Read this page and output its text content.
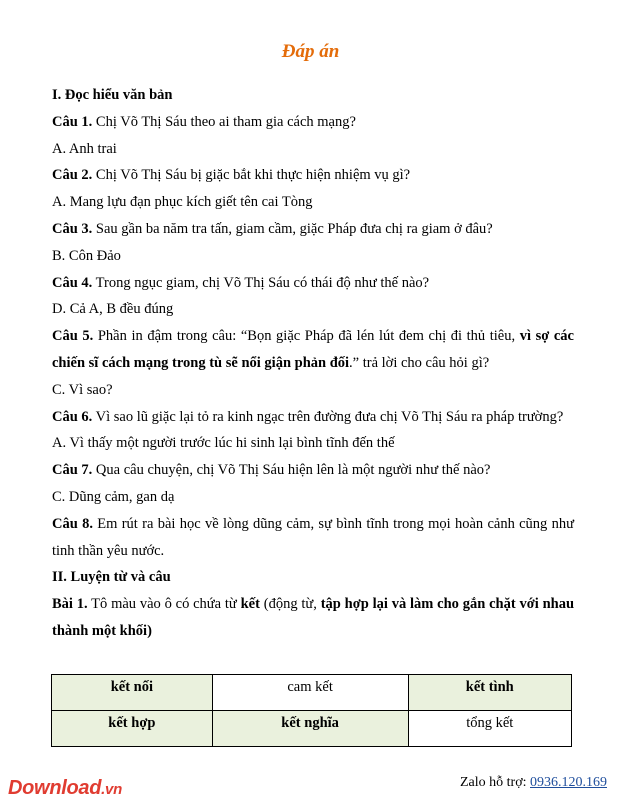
Đáp án

I. Đọc hiểu văn bản

Câu 1. Chị Võ Thị Sáu theo ai tham gia cách mạng?

A. Anh trai

Câu 2. Chị Võ Thị Sáu bị giặc bắt khi thực hiện nhiệm vụ gì?

A. Mang lựu đạn phục kích giết tên cai Tòng

Câu 3. Sau gần ba năm tra tấn, giam cầm, giặc Pháp đưa chị ra giam ở đâu?

B. Côn Đảo

Câu 4. Trong ngục giam, chị Võ Thị Sáu có thái độ như thế nào?

D. Cả A, B đều đúng

Câu 5. Phần in đậm trong câu: “Bọn giặc Pháp đã lén lút đem chị đi thủ tiêu, vì sợ các chiến sĩ cách mạng trong tù sẽ nổi giận phản đối.” trả lời cho câu hỏi gì?

C. Vì sao?

Câu 6. Vì sao lũ giặc lại tỏ ra kinh ngạc trên đường đưa chị Võ Thị Sáu ra pháp trường?

A. Vì thấy một người trước lúc hi sinh lại bình tĩnh đến thế

Câu 7. Qua câu chuyện, chị Võ Thị Sáu hiện lên là một người như thế nào?

C. Dũng cảm, gan dạ

Câu 8. Em rút ra bài học về lòng dũng cảm, sự bình tĩnh trong mọi hoàn cảnh cũng như tinh thần yêu nước.

II. Luyện từ và câu

Bài 1. Tô màu vào ô có chứa từ kết (động từ, tập hợp lại và làm cho gắn chặt với nhau thành một khối)

kết nối	cam kết	kết tình
kết hợp	kết nghĩa	tổng kết
Download.vn	Zalo hỗ trợ: 0936.120.169
